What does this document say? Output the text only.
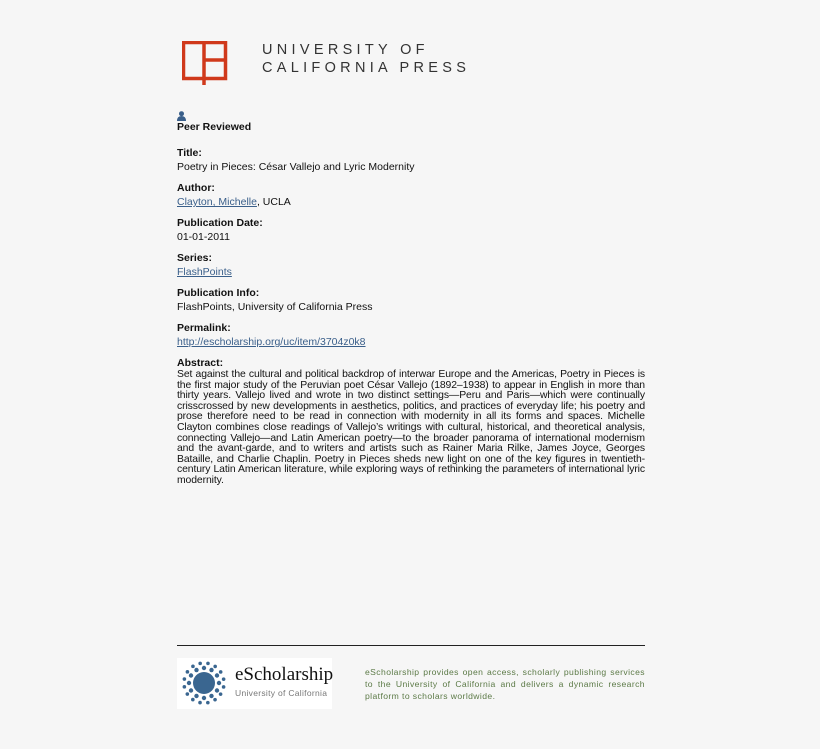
UNIVERSITY OF
CALIFORNIA PRESS
Peer Reviewed
Title:
Poetry in Pieces: César Vallejo and Lyric Modernity
Author:
Clayton, Michelle, UCLA
Publication Date:
01-01-2011
Series:
FlashPoints
Publication Info:
FlashPoints, University of California Press
Permalink:
http://escholarship.org/uc/item/3704z0k8
Abstract:
Set against the cultural and political backdrop of interwar Europe and the Americas, Poetry in Pieces is the first major study of the Peruvian poet César Vallejo (1892–1938) to appear in English in more than thirty years. Vallejo lived and wrote in two distinct settings—Peru and Paris—which were continually crisscrossed by new developments in aesthetics, politics, and practices of everyday life; his poetry and prose therefore need to be read in connection with modernity in all its forms and spaces. Michelle Clayton combines close readings of Vallejo’s writings with cultural, historical, and theoretical analysis, connecting Vallejo—and Latin American poetry—to the broader panorama of international modernism and the avant-garde, and to writers and artists such as Rainer Maria Rilke, James Joyce, Georges Bataille, and Charlie Chaplin. Poetry in Pieces sheds new light on one of the key figures in twentieth-century Latin American literature, while exploring ways of rethinking the parameters of international lyric modernity.
eScholarship
University of California
eScholarship provides open access, scholarly publishing services to the University of California and delivers a dynamic research platform to scholars worldwide.
